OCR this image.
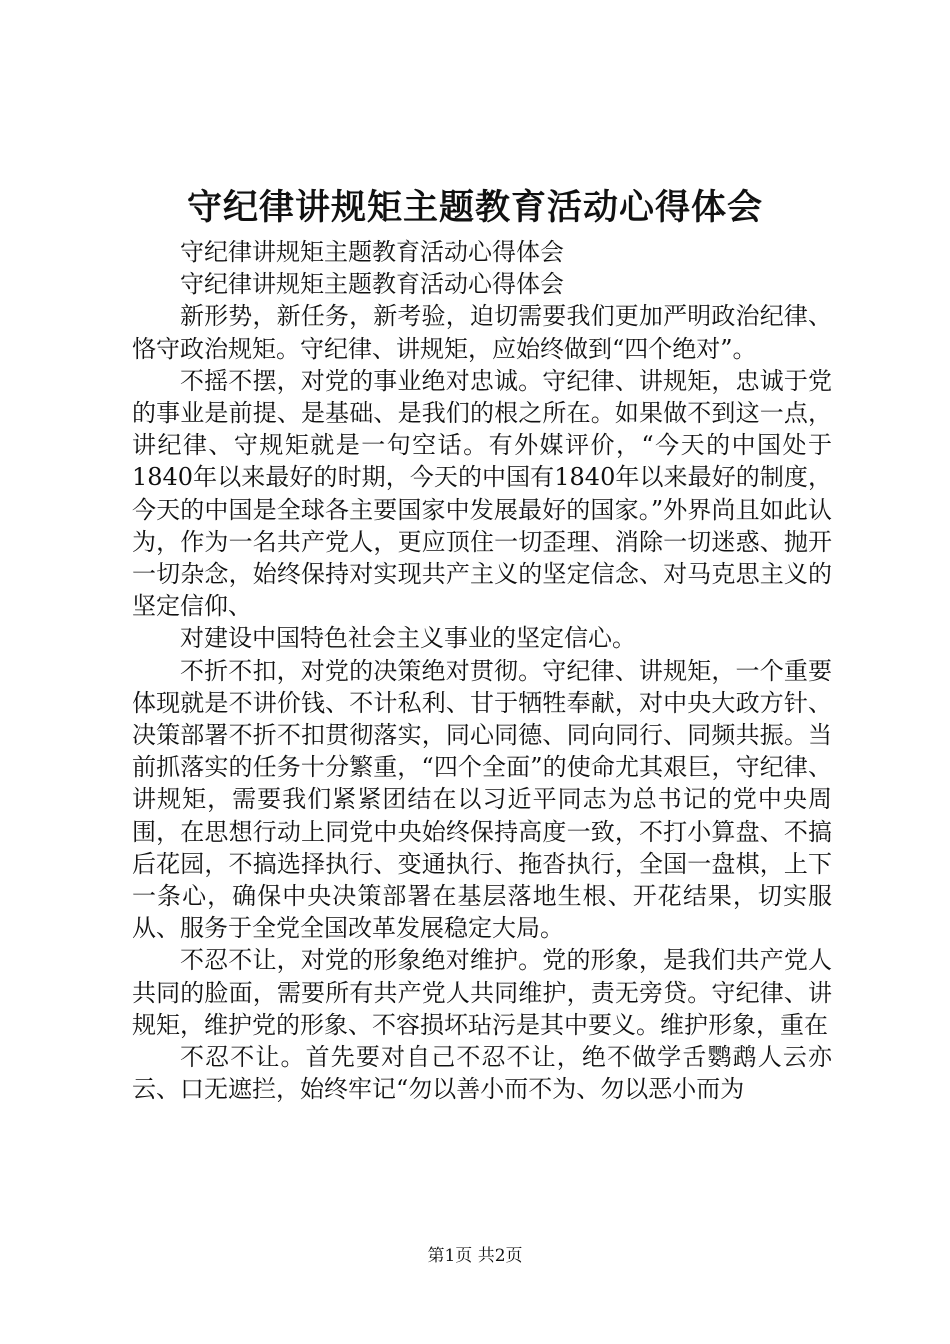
守纪律讲规矩主题教育活动心得体会

守纪律讲规矩主题教育活动心得体会

守纪律讲规矩主题教育活动心得体会

新形势，新任务，新考验，迫切需要我们更加严明政治纪律、恪守政治规矩。守纪律、讲规矩，应始终做到“四个绝对”。

不摇不摆，对党的事业绝对忠诚。守纪律、讲规矩，忠诚于党的事业是前提、是基础、是我们的根之所在。如果做不到这一点，讲纪律、守规矩就是一句空话。有外媒评价，“今天的中国处于1840年以来最好的时期，今天的中国有1840年以来最好的制度，今天的中国是全球各主要国家中发展最好的国家。”外界尚且如此认为，作为一名共产党人，更应顶住一切歪理、消除一切迷惑、抛开一切杂念，始终保持对实现共产主义的坚定信念、对马克思主义的坚定信仰、

对建设中国特色社会主义事业的坚定信心。

不折不扣，对党的决策绝对贯彻。守纪律、讲规矩，一个重要体现就是不讲价钱、不计私利、甘于牺牲奉献，对中央大政方针、决策部署不折不扣贯彻落实，同心同德、同向同行、同频共振。当前抓落实的任务十分繁重，“四个全面”的使命尤其艰巨，守纪律、讲规矩，需要我们紧紧团结在以习近平同志为总书记的党中央周围，在思想行动上同党中央始终保持高度一致，不打小算盘、不搞后花园，不搞选择执行、变通执行、拖沓执行，全国一盘棋，上下一条心，确保中央决策部署在基层落地生根、开花结果，切实服从、服务于全党全国改革发展稳定大局。

不忍不让，对党的形象绝对维护。党的形象，是我们共产党人共同的脸面，需要所有共产党人共同维护，责无旁贷。守纪律、讲规矩，维护党的形象、不容损坏玷污是其中要义。维护形象，重在

不忍不让。首先要对自己不忍不让，绝不做学舌鹦鹉人云亦云、口无遮拦，始终牢记“勿以善小而不为、勿以恶小而为

第1页 共2页
